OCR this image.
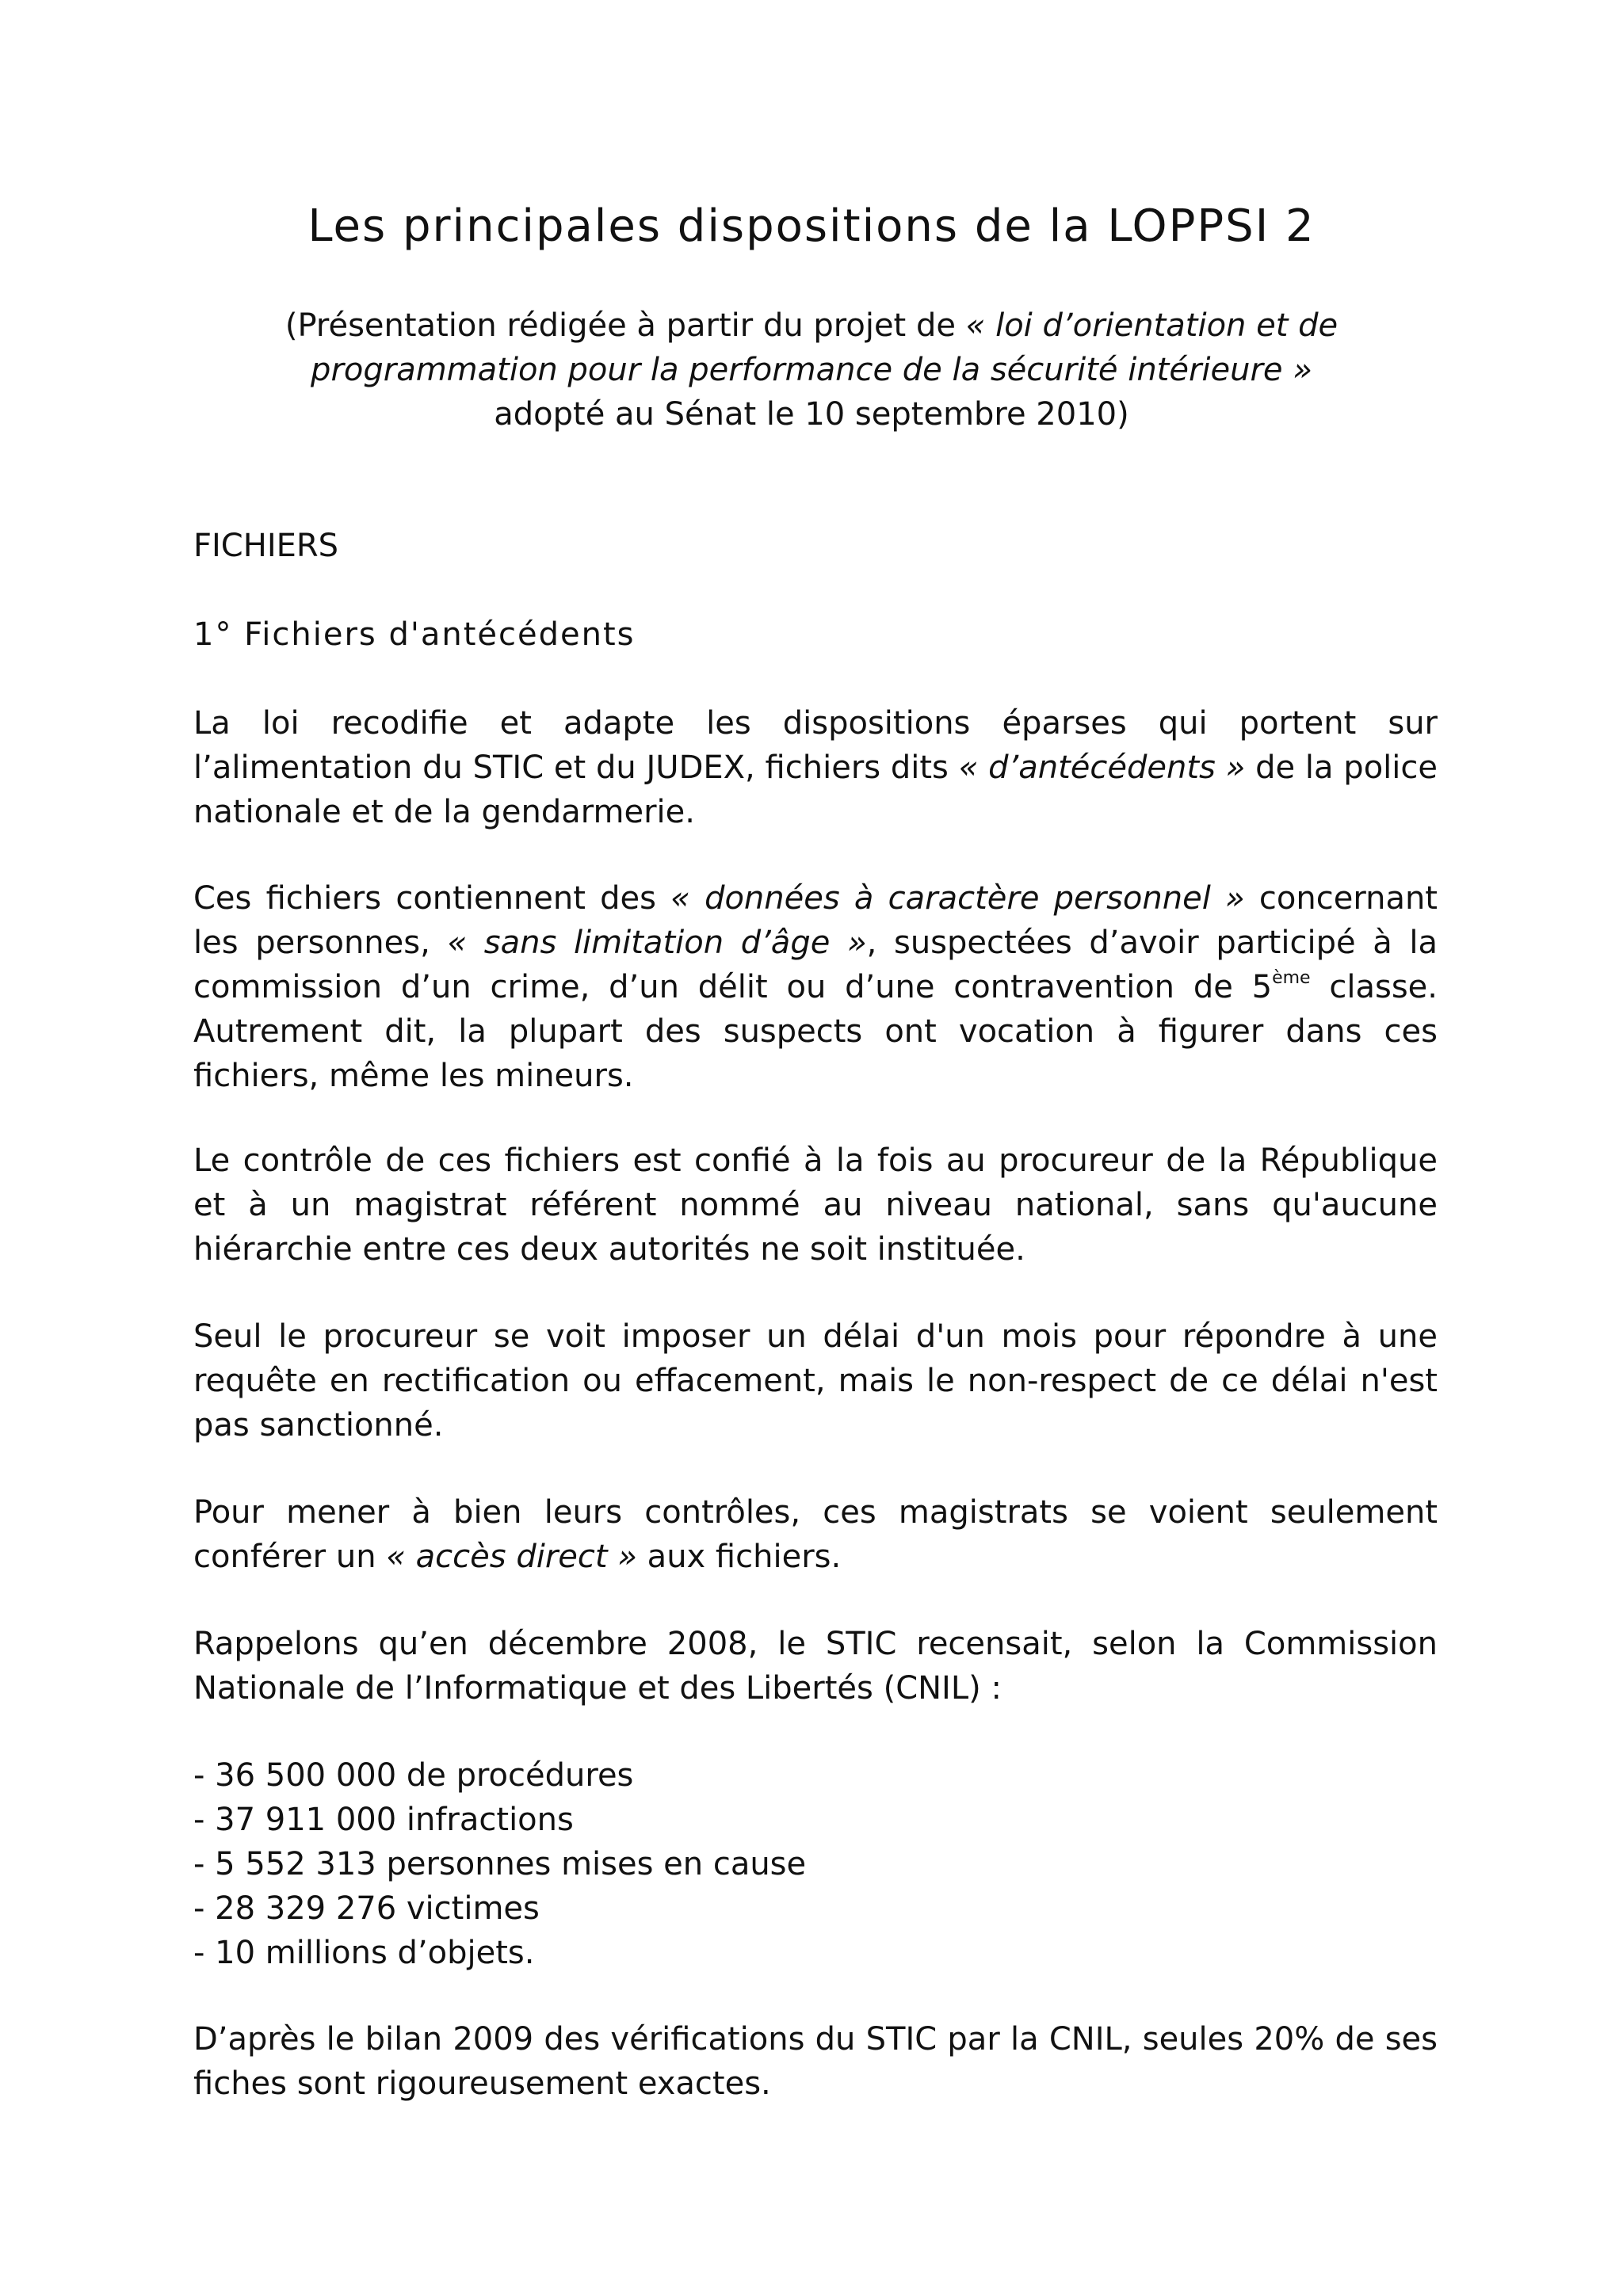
Les principales dispositions de la LOPPSI 2
(Présentation rédigée à partir du projet de « loi d’orientation et de
programmation pour la performance de la sécurité intérieure »
adopté au Sénat le 10 septembre 2010)
FICHIERS
1° Fichiers d'antécédents

La loi recodifie et adapte les dispositions éparses qui portent sur l’alimentation du STIC et du JUDEX, fichiers dits « d’antécédents » de la police nationale et de la gendarmerie.

Ces fichiers contiennent des « données à caractère personnel » concernant les personnes, « sans limitation d’âge », suspectées d’avoir participé à la commission d’un crime, d’un délit ou d’une contravention de 5ème classe. Autrement dit, la plupart des suspects ont vocation à figurer dans ces fichiers, même les mineurs.

Le contrôle de ces fichiers est confié à la fois au procureur de la République et à un magistrat référent nommé au niveau national, sans qu'aucune hiérarchie entre ces deux autorités ne soit instituée.

Seul le procureur se voit imposer un délai d'un mois pour répondre à une requête en rectification ou effacement, mais le non-respect de ce délai n'est pas sanctionné.

Pour mener à bien leurs contrôles, ces magistrats se voient seulement conférer un « accès direct » aux fichiers.

Rappelons qu’en décembre 2008, le STIC recensait, selon la Commission Nationale de l’Informatique et des Libertés (CNIL) :

- 36 500 000 de procédures
- 37 911 000 infractions
- 5 552 313 personnes mises en cause
- 28 329 276 victimes
- 10 millions d’objets.

D’après le bilan 2009 des vérifications du STIC par la CNIL, seules 20% de ses fiches sont rigoureusement exactes.
